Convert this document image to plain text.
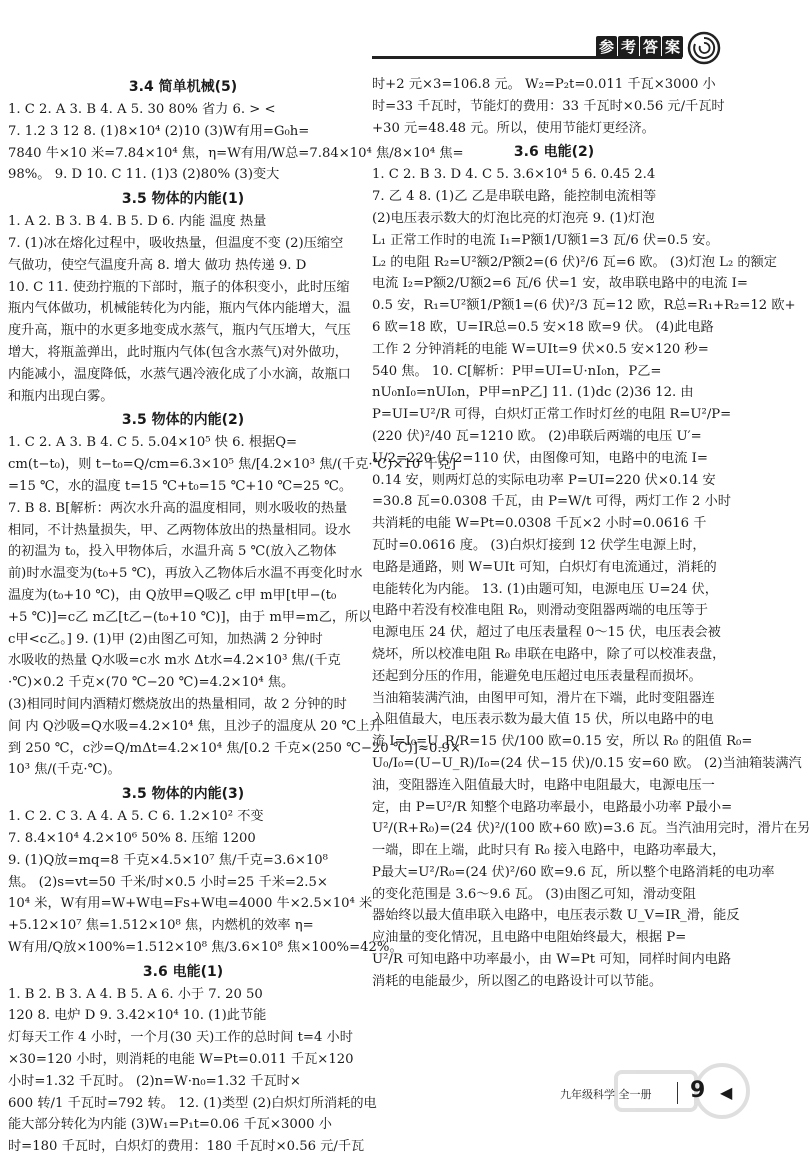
参 考 答 案
3.4 简单机械(5)

1. C 2. A 3. B 4. A 5. 30 80% 省力 6. > <

7. 1.2 3 12 8. (1)8×10⁴ (2)10 (3)W有用=G₀h=

7840 牛×10 米=7.84×10⁴ 焦，η=W有用/W总=7.84×10⁴ 焦/8×10⁴ 焦=

98%。 9. D 10. C 11. (1)3 (2)80% (3)变大

3.5 物体的内能(1)

1. A 2. B 3. B 4. B 5. D 6. 内能 温度 热量

7. (1)冰在熔化过程中，吸收热量，但温度不变 (2)压缩空

气做功，使空气温度升高 8. 增大 做功 热传递 9. D

10. C 11. 使劲拧瓶的下部时，瓶子的体积变小，此时压缩

瓶内气体做功，机械能转化为内能，瓶内气体内能增大，温

度升高，瓶中的水更多地变成水蒸气，瓶内气压增大，气压

增大，将瓶盖弹出，此时瓶内气体(包含水蒸气)对外做功，

内能减小，温度降低，水蒸气遇冷液化成了小水滴，故瓶口

和瓶内出现白雾。

3.5 物体的内能(2)

1. C 2. A 3. B 4. C 5. 5.04×10⁵ 快 6. 根据Q=

cm(t−t₀)，则 t−t₀=Q/cm=6.3×10⁵ 焦/[4.2×10³ 焦/(千克·℃)×10 千克]

=15 ℃，水的温度 t=15 ℃+t₀=15 ℃+10 ℃=25 ℃。

7. B 8. B[解析：两次水升高的温度相同，则水吸收的热量

相同，不计热量损失，甲、乙两物体放出的热量相同。设水

的初温为 t₀，投入甲物体后，水温升高 5 ℃(放入乙物体

前)时水温变为(t₀+5 ℃)，再放入乙物体后水温不再变化时水

温度为(t₀+10 ℃)，由 Q放甲=Q吸乙 c甲 m甲[t甲−(t₀

+5 ℃)]=c乙 m乙[t乙−(t₀+10 ℃)]，由于 m甲=m乙，所以

c甲<c乙。] 9. (1)甲 (2)由图乙可知，加热满 2 分钟时

水吸收的热量 Q水吸=c水 m水 Δt水=4.2×10³ 焦/(千克

·℃)×0.2 千克×(70 ℃−20 ℃)=4.2×10⁴ 焦。

(3)相同时间内酒精灯燃烧放出的热量相同，故 2 分钟的时

间 内 Q沙吸=Q水吸=4.2×10⁴ 焦，且沙子的温度从 20 ℃上升

到 250 ℃，c沙=Q/mΔt=4.2×10⁴ 焦/[0.2 千克×(250 ℃−20 ℃)]≈0.9×

10³ 焦/(千克·℃)。

3.5 物体的内能(3)

1. C 2. C 3. A 4. A 5. C 6. 1.2×10² 不变

7. 8.4×10⁴ 4.2×10⁶ 50% 8. 压缩 1200

9. (1)Q放=mq=8 千克×4.5×10⁷ 焦/千克=3.6×10⁸

焦。 (2)s=vt=50 千米/时×0.5 小时=25 千米=2.5×

10⁴ 米，W有用=W+W电=Fs+W电=4000 牛×2.5×10⁴ 米

+5.12×10⁷ 焦=1.512×10⁸ 焦，内燃机的效率 η=

W有用/Q放×100%=1.512×10⁸ 焦/3.6×10⁸ 焦×100%=42%。

3.6 电能(1)

1. B 2. B 3. A 4. B 5. A 6. 小于 7. 20 50

120 8. 电炉 D 9. 3.42×10⁴ 10. (1)此节能

灯每天工作 4 小时，一个月(30 天)工作的总时间 t=4 小时

×30=120 小时，则消耗的电能 W=Pt=0.011 千瓦×120

小时=1.32 千瓦时。 (2)n=W·n₀=1.32 千瓦时×

600 转/1 千瓦时=792 转。 12. (1)类型 (2)白炽灯所消耗的电

能大部分转化为内能 (3)W₁=P₁t=0.06 千瓦×3000 小

时=180 千瓦时，白炽灯的费用：180 千瓦时×0.56 元/千瓦

时+2 元×3=106.8 元。 W₂=P₂t=0.011 千瓦×3000 小

时=33 千瓦时，节能灯的费用：33 千瓦时×0.56 元/千瓦时

+30 元=48.48 元。所以，使用节能灯更经济。

3.6 电能(2)

1. C 2. B 3. D 4. C 5. 3.6×10⁴ 5 6. 0.45 2.4

7. 乙 4 8. (1)乙 乙是串联电路，能控制电流相等

(2)电压表示数大的灯泡比亮的灯泡亮 9. (1)灯泡

L₁ 正常工作时的电流 I₁=P额1/U额1=3 瓦/6 伏=0.5 安。

L₂ 的电阻 R₂=U²额2/P额2=(6 伏)²/6 瓦=6 欧。 (3)灯泡 L₂ 的额定

电流 I₂=P额2/U额2=6 瓦/6 伏=1 安，故串联电路中的电流 I=

0.5 安，R₁=U²额1/P额1=(6 伏)²/3 瓦=12 欧，R总=R₁+R₂=12 欧+

6 欧=18 欧，U=IR总=0.5 安×18 欧=9 伏。 (4)此电路

工作 2 分钟消耗的电能 W=UIt=9 伏×0.5 安×120 秒=

540 焦。 10. C[解析：P甲=UI=U·nI₀n，P乙=

nU₀nI₀=nUI₀n，P甲=nP乙] 11. (1)dc (2)36 12. 由

P=UI=U²/R 可得，白炽灯正常工作时灯丝的电阻 R=U²/P=

(220 伏)²/40 瓦=1210 欧。 (2)串联后两端的电压 U′=

U/2=220 伏/2=110 伏，由图像可知，电路中的电流 I=

0.14 安，则两灯总的实际电功率 P=UI=220 伏×0.14 安

=30.8 瓦=0.0308 千瓦，由 P=W/t 可得，两灯工作 2 小时

共消耗的电能 W=Pt=0.0308 千瓦×2 小时=0.0616 千

瓦时=0.0616 度。 (3)白炽灯接到 12 伏学生电源上时，

电路是通路，则 W=UIt 可知，白炽灯有电流通过，消耗的

电能转化为内能。 13. (1)由题可知，电源电压 U=24 伏，

电路中若没有校准电阻 R₀，则滑动变阻器两端的电压等于

电源电压 24 伏，超过了电压表量程 0～15 伏，电压表会被

烧坏，所以校准电阻 R₀ 串联在电路中，除了可以校准表盘，

还起到分压的作用，能避免电压超过电压表量程而损坏。

当油箱装满汽油，由图甲可知，滑片在下端，此时变阻器连

入阻值最大，电压表示数为最大值 15 伏，所以电路中的电

流 I=I₀=U_R/R=15 伏/100 欧=0.15 安，所以 R₀ 的阻值 R₀=

U₀/I₀=(U−U_R)/I₀=(24 伏−15 伏)/0.15 安=60 欧。 (2)当油箱装满汽

油，变阻器连入阻值最大时，电路中电阻最大，电源电压一

定，由 P=U²/R 知整个电路功率最小，电路最小功率 P最小=

U²/(R+R₀)=(24 伏)²/(100 欧+60 欧)=3.6 瓦。当汽油用完时，滑片在另

一端，即在上端，此时只有 R₀ 接入电路中，电路功率最大，

P最大=U²/R₀=(24 伏)²/60 欧=9.6 瓦，所以整个电路消耗的电功率

的变化范围是 3.6～9.6 瓦。 (3)由图乙可知，滑动变阻

器始终以最大值串联入电路中，电压表示数 U_V=IR_滑，能反

应油量的变化情况，且电路中电阻始终最大，根据 P=

U²/R 可知电路中功率最小，由 W=Pt 可知，同样时间内电路

消耗的电能最少，所以图乙的电路设计可以节能。

九年级科学 全一册 9 ◀
